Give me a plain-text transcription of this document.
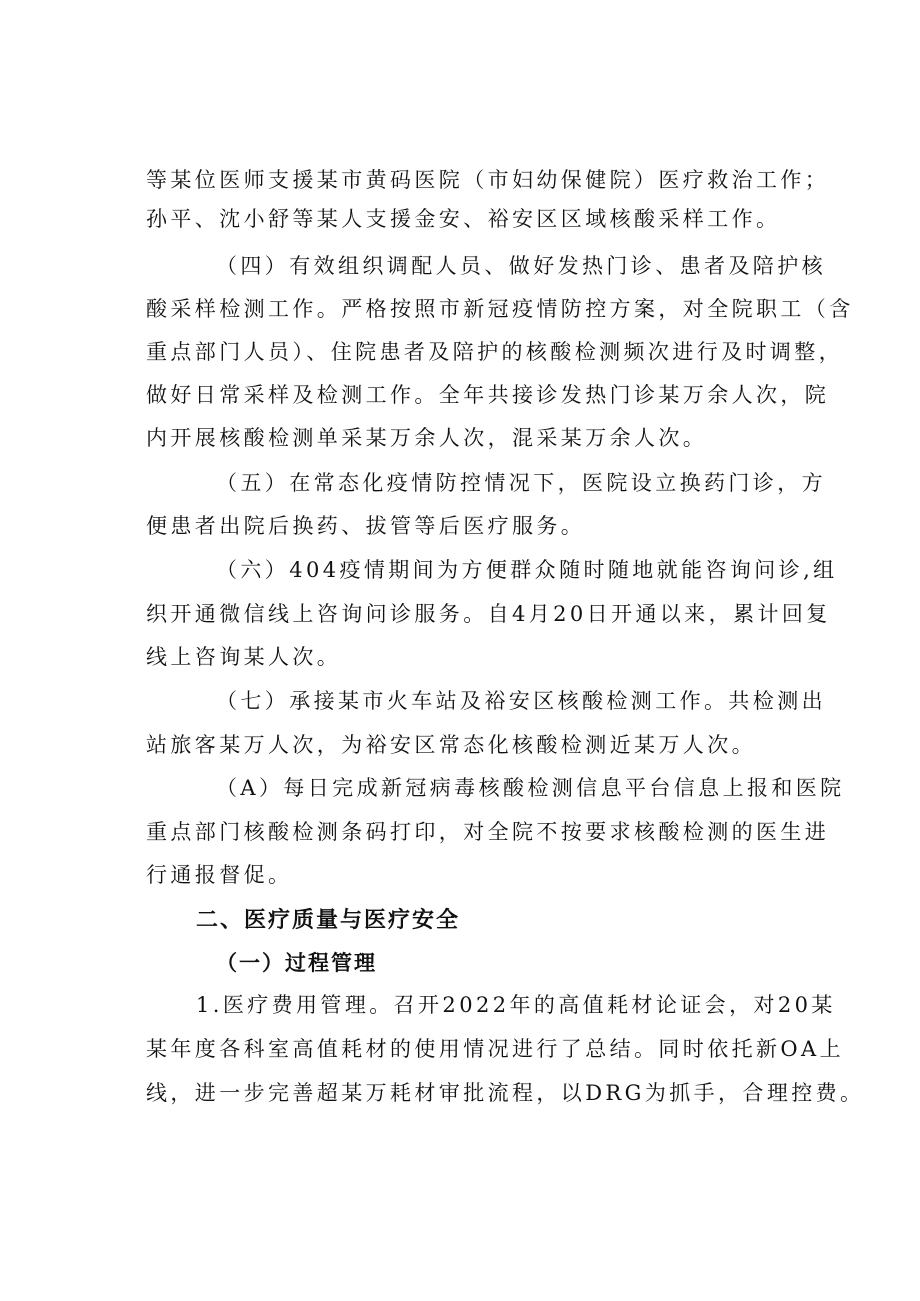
等某位医师支援某市黄码医院（市妇幼保健院）医疗救治工作；
孙平、沈小舒等某人支援金安、裕安区区域核酸采样工作。
（四）有效组织调配人员、做好发热门诊、患者及陪护核
酸采样检测工作。严格按照市新冠疫情防控方案，对全院职工（含
重点部门人员）、住院患者及陪护的核酸检测频次进行及时调整，
做好日常采样及检测工作。全年共接诊发热门诊某万余人次，院
内开展核酸检测单采某万余人次，混采某万余人次。
（五）在常态化疫情防控情况下，医院设立换药门诊，方
便患者出院后换药、拔管等后医疗服务。
（六）404疫情期间为方便群众随时随地就能咨询问诊,组
织开通微信线上咨询问诊服务。自4月20日开通以来，累计回复
线上咨询某人次。
（七）承接某市火车站及裕安区核酸检测工作。共检测出
站旅客某万人次，为裕安区常态化核酸检测近某万人次。
（A）每日完成新冠病毒核酸检测信息平台信息上报和医院
重点部门核酸检测条码打印，对全院不按要求核酸检测的医生进
行通报督促。
二、医疗质量与医疗安全
（一）过程管理
1.医疗费用管理。召开2022年的高值耗材论证会，对20某
某年度各科室高值耗材的使用情况进行了总结。同时依托新OA上
线，进一步完善超某万耗材审批流程，以DRG为抓手，合理控费。
